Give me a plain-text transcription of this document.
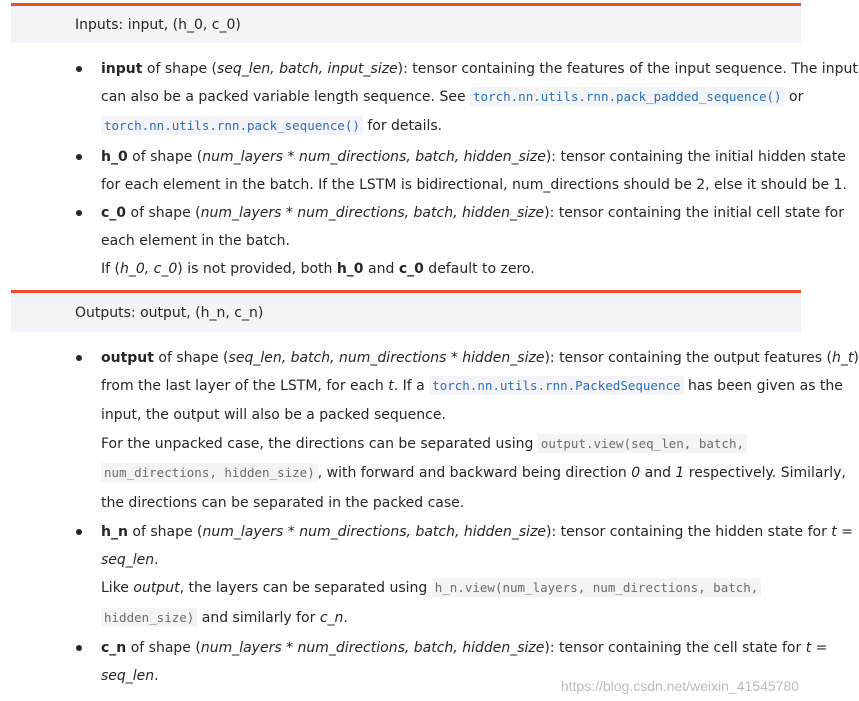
Inputs: input, (h_0, c_0)
input of shape (seq_len, batch, input_size): tensor containing the features of the input sequence. The input
can also be a packed variable length sequence. See torch.nn.utils.rnn.pack_padded_sequence() or
torch.nn.utils.rnn.pack_sequence() for details.
h_0 of shape (num_layers * num_directions, batch, hidden_size): tensor containing the initial hidden state
for each element in the batch. If the LSTM is bidirectional, num_directions should be 2, else it should be 1.
c_0 of shape (num_layers * num_directions, batch, hidden_size): tensor containing the initial cell state for
each element in the batch.
If (h_0, c_0) is not provided, both h_0 and c_0 default to zero.
Outputs: output, (h_n, c_n)
output of shape (seq_len, batch, num_directions * hidden_size): tensor containing the output features (h_t)
from the last layer of the LSTM, for each t. If a torch.nn.utils.rnn.PackedSequence has been given as the
input, the output will also be a packed sequence.
For the unpacked case, the directions can be separated using output.view(seq_len, batch,
num_directions, hidden_size) , with forward and backward being direction 0 and 1 respectively. Similarly,
the directions can be separated in the packed case.
h_n of shape (num_layers * num_directions, batch, hidden_size): tensor containing the hidden state for t =
seq_len.
Like output, the layers can be separated using h_n.view(num_layers, num_directions, batch,
hidden_size) and similarly for c_n.
c_n of shape (num_layers * num_directions, batch, hidden_size): tensor containing the cell state for t =
seq_len.
https://blog.csdn.net/weixin_41545780
